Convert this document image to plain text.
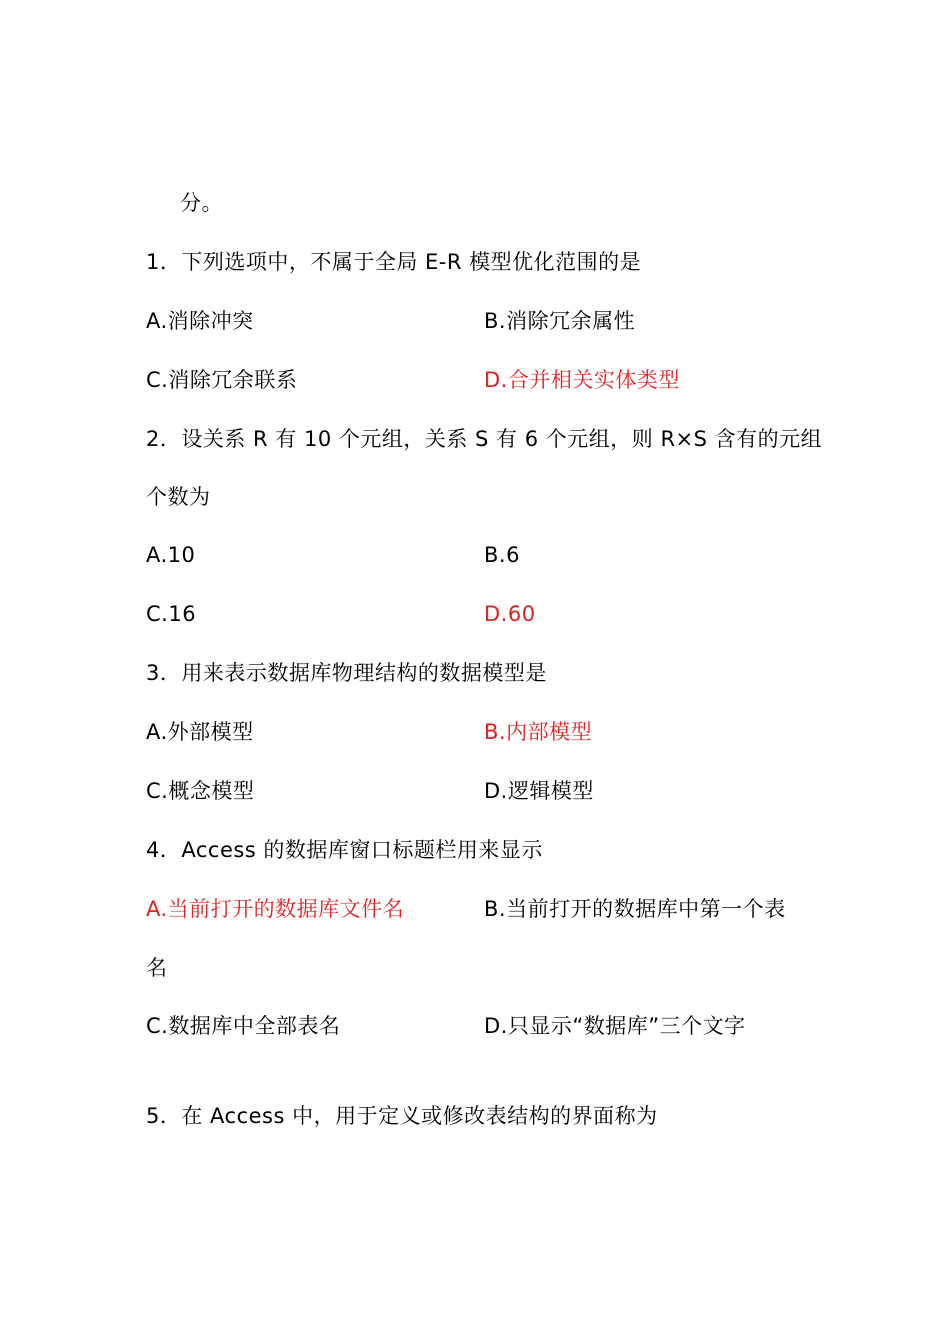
分。
1．下列选项中，不属于全局 E-R 模型优化范围的是
A.消除冲突	B.消除冗余属性
C.消除冗余联系	D.合并相关实体类型
2．设关系 R 有 10 个元组，关系 S 有 6 个元组，则 R×S 含有的元组
个数为
A.10	B.6
C.16	D.60
3．用来表示数据库物理结构的数据模型是
A.外部模型	B.内部模型
C.概念模型	D.逻辑模型
4．Access 的数据库窗口标题栏用来显示
A.当前打开的数据库文件名	B.当前打开的数据库中第一个表
名
C.数据库中全部表名	D.只显示“数据库”三个文字
5．在 Access 中，用于定义或修改表结构的界面称为
